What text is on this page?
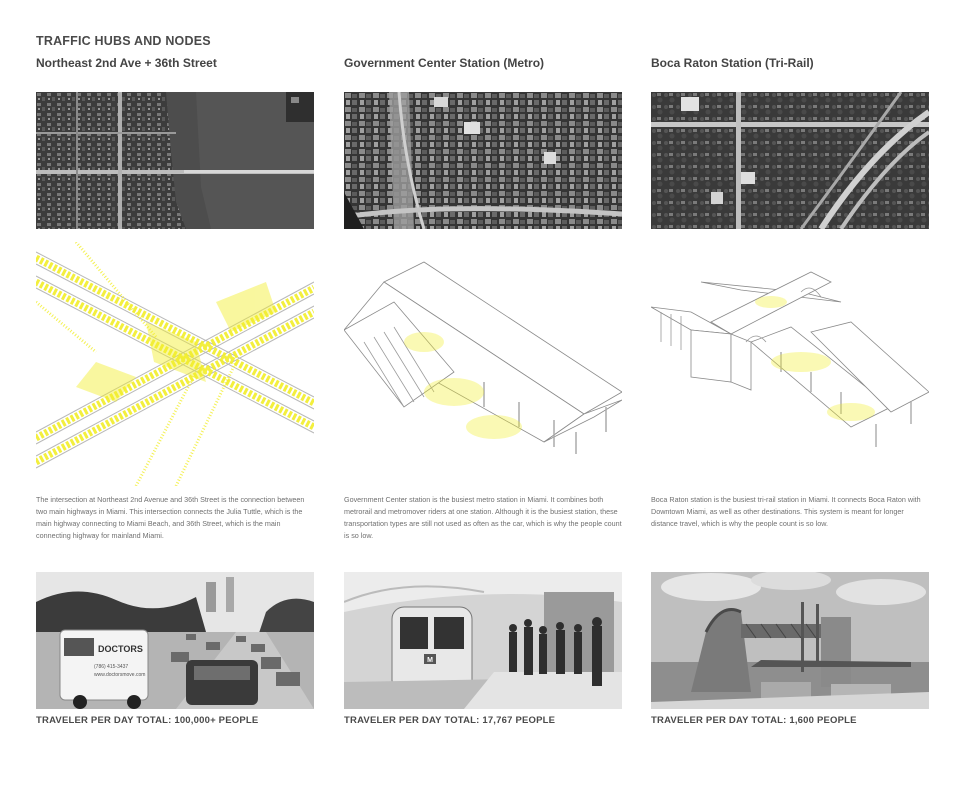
TRAFFIC HUBS AND NODES
Northeast 2nd Ave + 36th Street
The intersection at Northeast 2nd Avenue and 36th Street is the connection between two main highways in Miami. This intersection connects the Julia Tuttle, which is the main highway connecting to Miami Beach, and 36th Street, which is the main connecting highway for mainland Miami.
DOCTORS
(786) 415-3437
www.doctorsmove.com
TRAVELER PER DAY TOTAL: 100,000+ PEOPLE
Government Center Station (Metro)
Government Center station is the busiest metro station in Miami. It combines both metrorail and metromover riders at one station. Although it is the busiest station, these transportation types are still not used as often as the car, which is why the people count is so low.
M
TRAVELER PER DAY TOTAL: 17,767 PEOPLE
Boca Raton Station (Tri-Rail)
Boca Raton station is the busiest tri-rail station in Miami. It connects Boca Raton with Downtown Miami, as well as other destinations. This system is meant for longer distance travel, which is why the people count is so low.
TRAVELER PER DAY TOTAL: 1,600 PEOPLE
